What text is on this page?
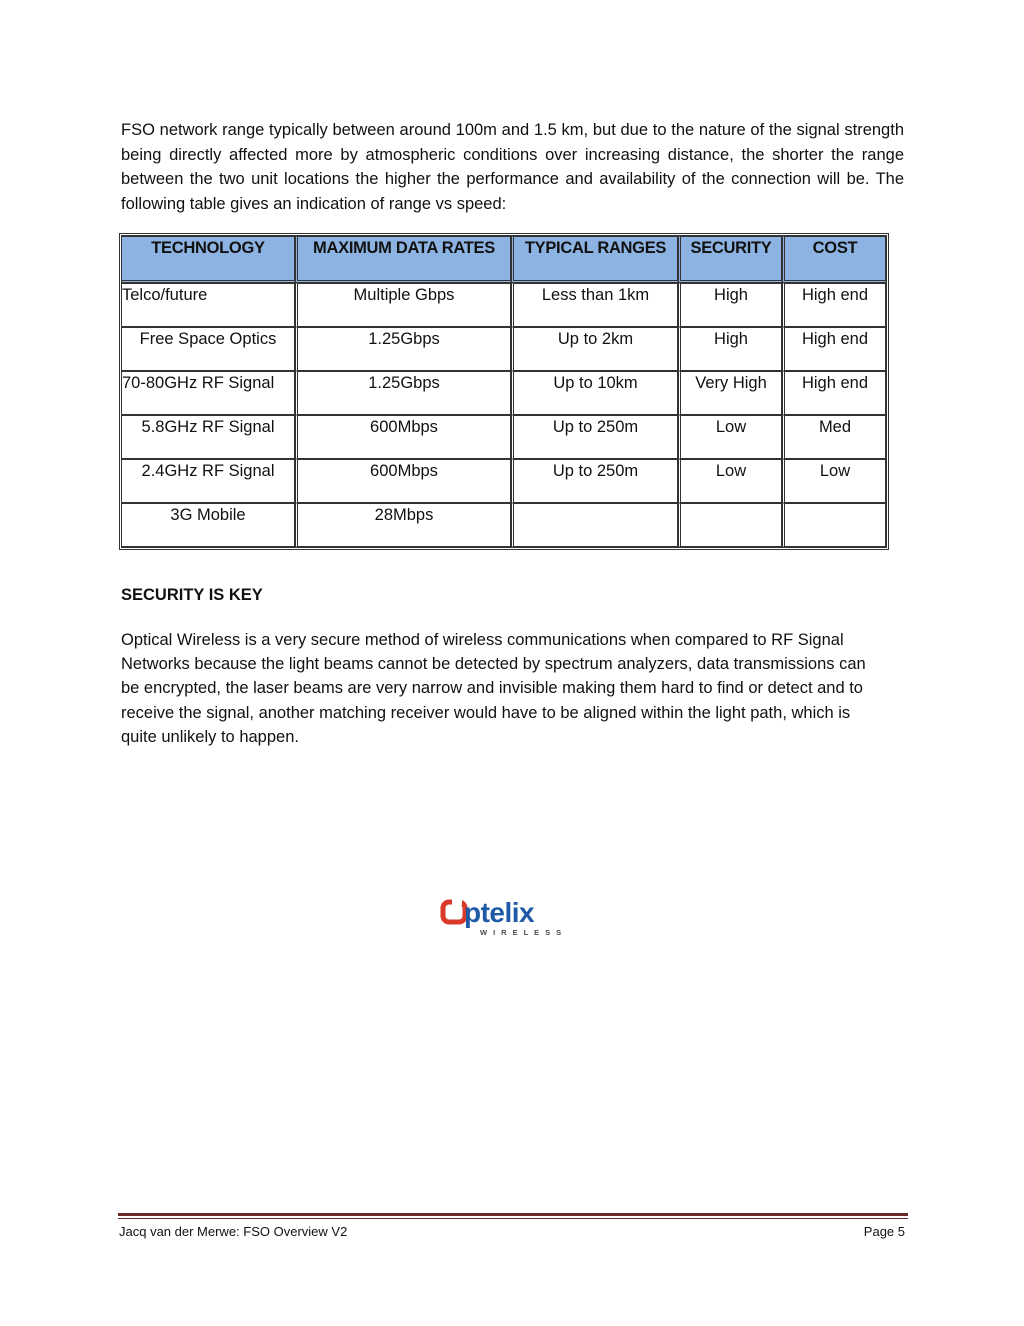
FSO network range typically between around 100m and 1.5 km, but due to the nature of the signal strength being directly affected more by atmospheric conditions over increasing distance, the shorter the range between the two unit locations the higher the performance and availability of the connection will be. The following table gives an indication of range vs speed:

TECHNOLOGY	MAXIMUM DATA RATES	TYPICAL RANGES	SECURITY	COST
Telco/future	Multiple Gbps	Less than 1km	High	High end
Free Space Optics	1.25Gbps	Up to 2km	High	High end
70-80GHz RF Signal	1.25Gbps	Up to 10km	Very High	High end
5.8GHz RF Signal	600Mbps	Up to 250m	Low	Med
2.4GHz RF Signal	600Mbps	Up to 250m	Low	Low
3G Mobile	28Mbps			

SECURITY IS KEY

Optical Wireless is a very secure method of wireless communications when compared to RF Signal Networks because the light beams cannot be detected by spectrum analyzers, data transmissions can be encrypted, the laser beams are very narrow and invisible making them hard to find or detect and to receive the signal, another matching receiver would have to be aligned within the light path, which is quite unlikely to happen.

ptelix
WIRELESS
Jacq van der Merwe: FSO Overview V2	Page 5
